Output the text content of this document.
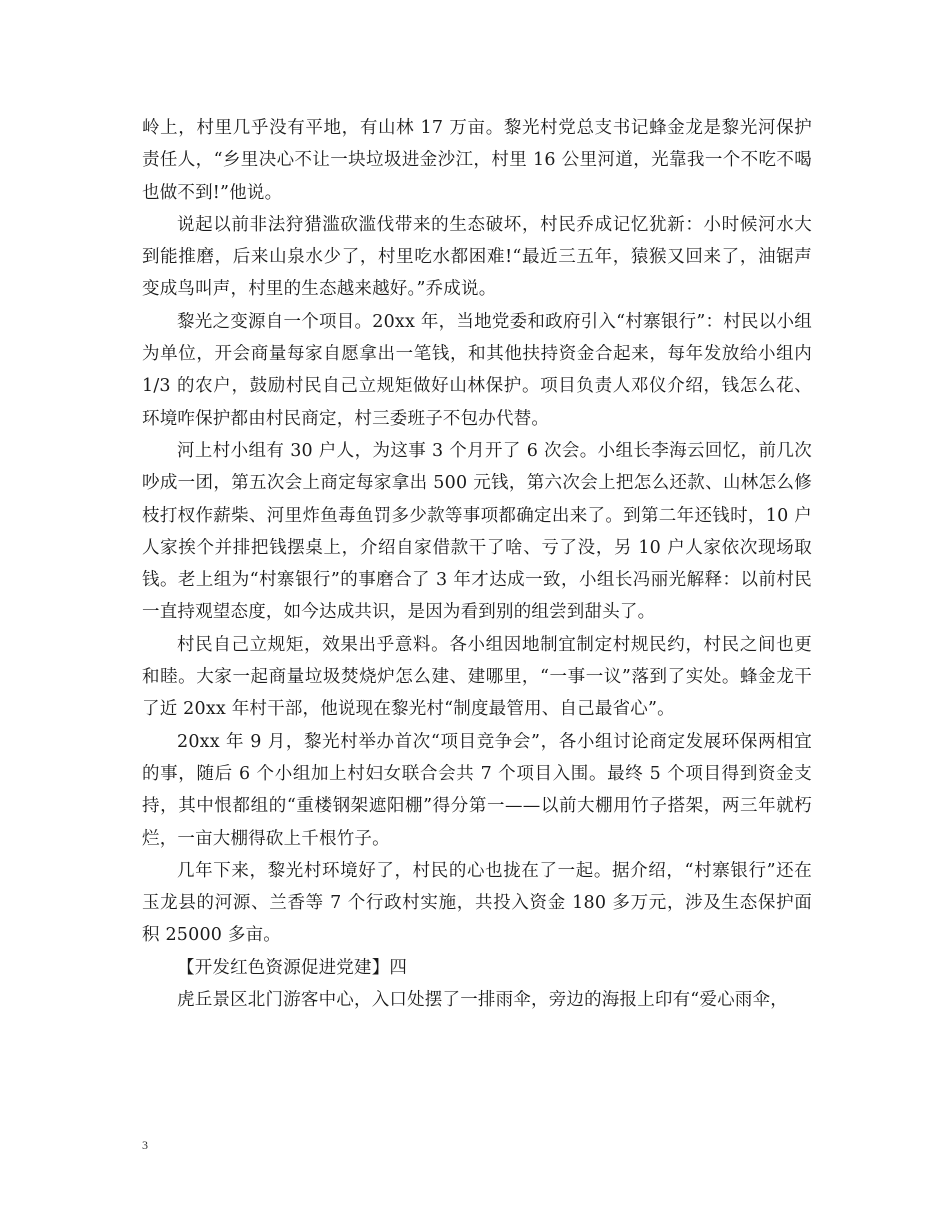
岭上，村里几乎没有平地，有山林 17 万亩。黎光村党总支书记蜂金龙是黎光河保护责任人，“乡里决心不让一块垃圾进金沙江，村里 16 公里河道，光靠我一个不吃不喝也做不到!”他说。

说起以前非法狩猎滥砍滥伐带来的生态破坏，村民乔成记忆犹新：小时候河水大到能推磨，后来山泉水少了，村里吃水都困难!“最近三五年，猿猴又回来了，油锯声变成鸟叫声，村里的生态越来越好。”乔成说。

黎光之变源自一个项目。20xx 年，当地党委和政府引入“村寨银行”：村民以小组为单位，开会商量每家自愿拿出一笔钱，和其他扶持资金合起来，每年发放给小组内 1/3 的农户，鼓励村民自己立规矩做好山林保护。项目负责人邓仪介绍，钱怎么花、环境咋保护都由村民商定，村三委班子不包办代替。

河上村小组有 30 户人，为这事 3 个月开了 6 次会。小组长李海云回忆，前几次吵成一团，第五次会上商定每家拿出 500 元钱，第六次会上把怎么还款、山林怎么修枝打杈作薪柴、河里炸鱼毒鱼罚多少款等事项都确定出来了。到第二年还钱时，10 户人家挨个并排把钱摆桌上，介绍自家借款干了啥、亏了没，另 10 户人家依次现场取钱。老上组为“村寨银行”的事磨合了 3 年才达成一致，小组长冯丽光解释：以前村民一直持观望态度，如今达成共识，是因为看到别的组尝到甜头了。

村民自己立规矩，效果出乎意料。各小组因地制宜制定村规民约，村民之间也更和睦。大家一起商量垃圾焚烧炉怎么建、建哪里，“一事一议”落到了实处。蜂金龙干了近 20xx 年村干部，他说现在黎光村“制度最管用、自己最省心”。

20xx 年 9 月，黎光村举办首次“项目竞争会”，各小组讨论商定发展环保两相宜的事，随后 6 个小组加上村妇女联合会共 7 个项目入围。最终 5 个项目得到资金支持，其中恨都组的“重楼钢架遮阳棚”得分第一——以前大棚用竹子搭架，两三年就朽烂，一亩大棚得砍上千根竹子。

几年下来，黎光村环境好了，村民的心也拢在了一起。据介绍，“村寨银行”还在玉龙县的河源、兰香等 7 个行政村实施，共投入资金 180 多万元，涉及生态保护面积 25000 多亩。

【开发红色资源促进党建】四

虎丘景区北门游客中心，入口处摆了一排雨伞，旁边的海报上印有“爱心雨伞，

3
